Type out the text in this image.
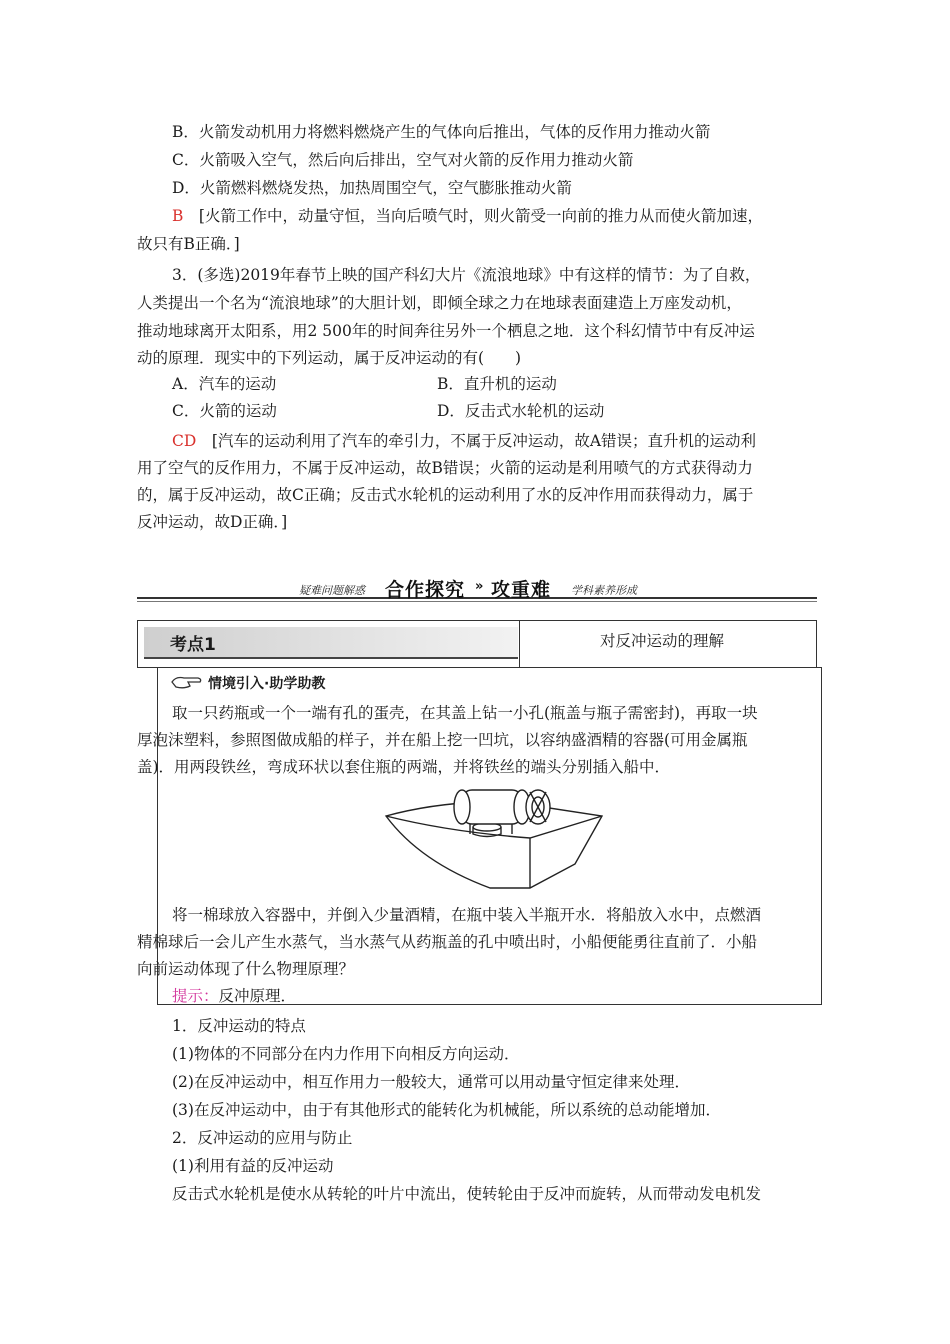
B．火箭发动机用力将燃料燃烧产生的气体向后推出，气体的反作用力推动火箭
C．火箭吸入空气，然后向后排出，空气对火箭的反作用力推动火箭
D．火箭燃料燃烧发热，加热周围空气，空气膨胀推动火箭
B　 [火箭工作中，动量守恒，当向后喷气时，则火箭受一向前的推力从而使火箭加速，
故只有B正确．]
3．(多选)2019年春节上映的国产科幻大片《流浪地球》中有这样的情节：为了自救，
人类提出一个名为“流浪地球”的大胆计划，即倾全球之力在地球表面建造上万座发动机，
推动地球离开太阳系，用2 500年的时间奔往另外一个栖息之地．这个科幻情节中有反冲运
动的原理．现实中的下列运动，属于反冲运动的有(　　)
A．汽车的运动	B．直升机的运动
C．火箭的运动	D．反击式水轮机的运动
CD　 [汽车的运动利用了汽车的牵引力，不属于反冲运动，故A错误；直升机的运动利
用了空气的反作用力，不属于反冲运动，故B错误；火箭的运动是利用喷气的方式获得动力
的，属于反冲运动，故C正确；反击式水轮机的运动利用了水的反冲作用而获得动力，属于
反冲运动，故D正确．]
疑难问题解惑 合作探究 » 攻重难 学科素养形成
考点1	对反冲运动的理解
情境引入·助学助教
取一只药瓶或一个一端有孔的蛋壳，在其盖上钻一小孔(瓶盖与瓶子需密封)，再取一块
厚泡沫塑料，参照图做成船的样子，并在船上挖一凹坑，以容纳盛酒精的容器(可用金属瓶
盖)．用两段铁丝，弯成环状以套住瓶的两端，并将铁丝的端头分别插入船中．
将一棉球放入容器中，并倒入少量酒精，在瓶中装入半瓶开水．将船放入水中，点燃酒
精棉球后一会儿产生水蒸气，当水蒸气从药瓶盖的孔中喷出时，小船便能勇往直前了．小船
向前运动体现了什么物理原理？
提示：反冲原理．
1．反冲运动的特点
(1)物体的不同部分在内力作用下向相反方向运动．
(2)在反冲运动中，相互作用力一般较大，通常可以用动量守恒定律来处理．
(3)在反冲运动中，由于有其他形式的能转化为机械能，所以系统的总动能增加．
2．反冲运动的应用与防止
(1)利用有益的反冲运动
反击式水轮机是使水从转轮的叶片中流出，使转轮由于反冲而旋转，从而带动发电机发
